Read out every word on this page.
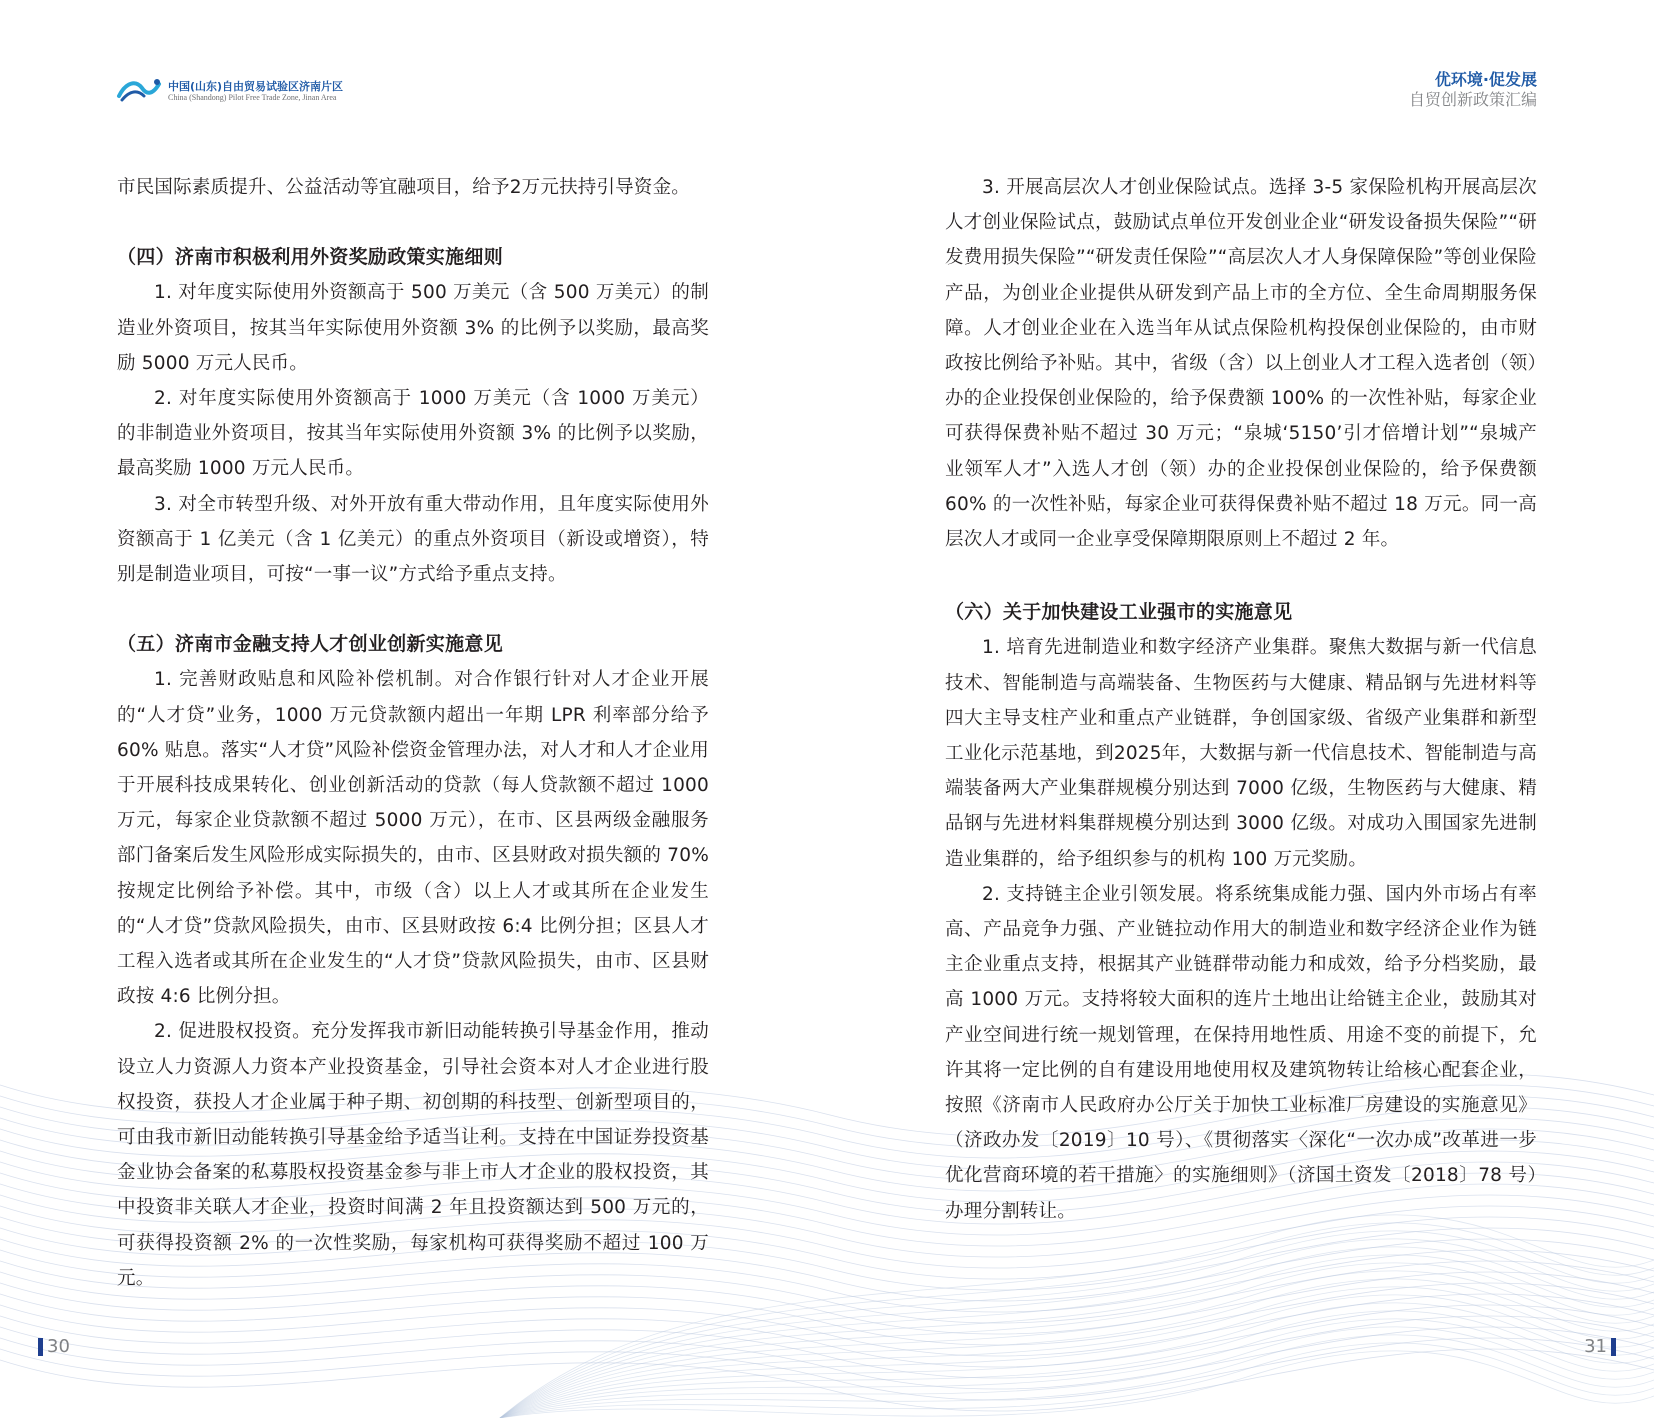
中国(山东)自由贸易试验区济南片区
China (Shandong) Pilot Free Trade Zone, Jinan Area
优环境·促发展
自贸创新政策汇编

市民国际素质提升、公益活动等宜融项目，给予2万元扶持引导资金。

（四）济南市积极利用外资奖励政策实施细则

1. 对年度实际使用外资额高于 500 万美元（含 500 万美元）的制造业外资项目，按其当年实际使用外资额 3% 的比例予以奖励，最高奖励 5000 万元人民币。

2. 对年度实际使用外资额高于 1000 万美元（含 1000 万美元）的非制造业外资项目，按其当年实际使用外资额 3% 的比例予以奖励，最高奖励 1000 万元人民币。

3. 对全市转型升级、对外开放有重大带动作用，且年度实际使用外资额高于 1 亿美元（含 1 亿美元）的重点外资项目（新设或增资），特别是制造业项目，可按“一事一议”方式给予重点支持。

（五）济南市金融支持人才创业创新实施意见

1. 完善财政贴息和风险补偿机制。对合作银行针对人才企业开展的“人才贷”业务，1000 万元贷款额内超出一年期 LPR 利率部分给予 60% 贴息。落实“人才贷”风险补偿资金管理办法，对人才和人才企业用于开展科技成果转化、创业创新活动的贷款（每人贷款额不超过 1000 万元，每家企业贷款额不超过 5000 万元），在市、区县两级金融服务部门备案后发生风险形成实际损失的，由市、区县财政对损失额的 70% 按规定比例给予补偿。其中，市级（含）以上人才或其所在企业发生的“人才贷”贷款风险损失，由市、区县财政按 6:4 比例分担；区县人才工程入选者或其所在企业发生的“人才贷”贷款风险损失，由市、区县财政按 4:6 比例分担。

2. 促进股权投资。充分发挥我市新旧动能转换引导基金作用，推动设立人力资源人力资本产业投资基金，引导社会资本对人才企业进行股权投资，获投人才企业属于种子期、初创期的科技型、创新型项目的，可由我市新旧动能转换引导基金给予适当让利。支持在中国证券投资基金业协会备案的私募股权投资基金参与非上市人才企业的股权投资，其中投资非关联人才企业，投资时间满 2 年且投资额达到 500 万元的，可获得投资额 2% 的一次性奖励，每家机构可获得奖励不超过 100 万元。

3. 开展高层次人才创业保险试点。选择 3-5 家保险机构开展高层次人才创业保险试点，鼓励试点单位开发创业企业“研发设备损失保险”“研发费用损失保险”“研发责任保险”“高层次人才人身保障保险”等创业保险产品，为创业企业提供从研发到产品上市的全方位、全生命周期服务保障。人才创业企业在入选当年从试点保险机构投保创业保险的，由市财政按比例给予补贴。其中，省级（含）以上创业人才工程入选者创（领）办的企业投保创业保险的，给予保费额 100% 的一次性补贴，每家企业可获得保费补贴不超过 30 万元；“泉城‘5150’引才倍增计划”“泉城产业领军人才”入选人才创（领）办的企业投保创业保险的，给予保费额 60% 的一次性补贴，每家企业可获得保费补贴不超过 18 万元。同一高层次人才或同一企业享受保障期限原则上不超过 2 年。

（六）关于加快建设工业强市的实施意见

1. 培育先进制造业和数字经济产业集群。聚焦大数据与新一代信息技术、智能制造与高端装备、生物医药与大健康、精品钢与先进材料等四大主导支柱产业和重点产业链群，争创国家级、省级产业集群和新型工业化示范基地，到2025年，大数据与新一代信息技术、智能制造与高端装备两大产业集群规模分别达到 7000 亿级，生物医药与大健康、精品钢与先进材料集群规模分别达到 3000 亿级。对成功入围国家先进制造业集群的，给予组织参与的机构 100 万元奖励。

2. 支持链主企业引领发展。将系统集成能力强、国内外市场占有率高、产品竞争力强、产业链拉动作用大的制造业和数字经济企业作为链主企业重点支持，根据其产业链群带动能力和成效，给予分档奖励，最高 1000 万元。支持将较大面积的连片土地出让给链主企业，鼓励其对产业空间进行统一规划管理，在保持用地性质、用途不变的前提下，允许其将一定比例的自有建设用地使用权及建筑物转让给核心配套企业，按照《济南市人民政府办公厅关于加快工业标准厂房建设的实施意见》（济政办发〔2019〕10 号）、《贯彻落实〈深化“一次办成”改革进一步优化营商环境的若干措施〉的实施细则》（济国土资发〔2018〕78 号）办理分割转让。

30	31
